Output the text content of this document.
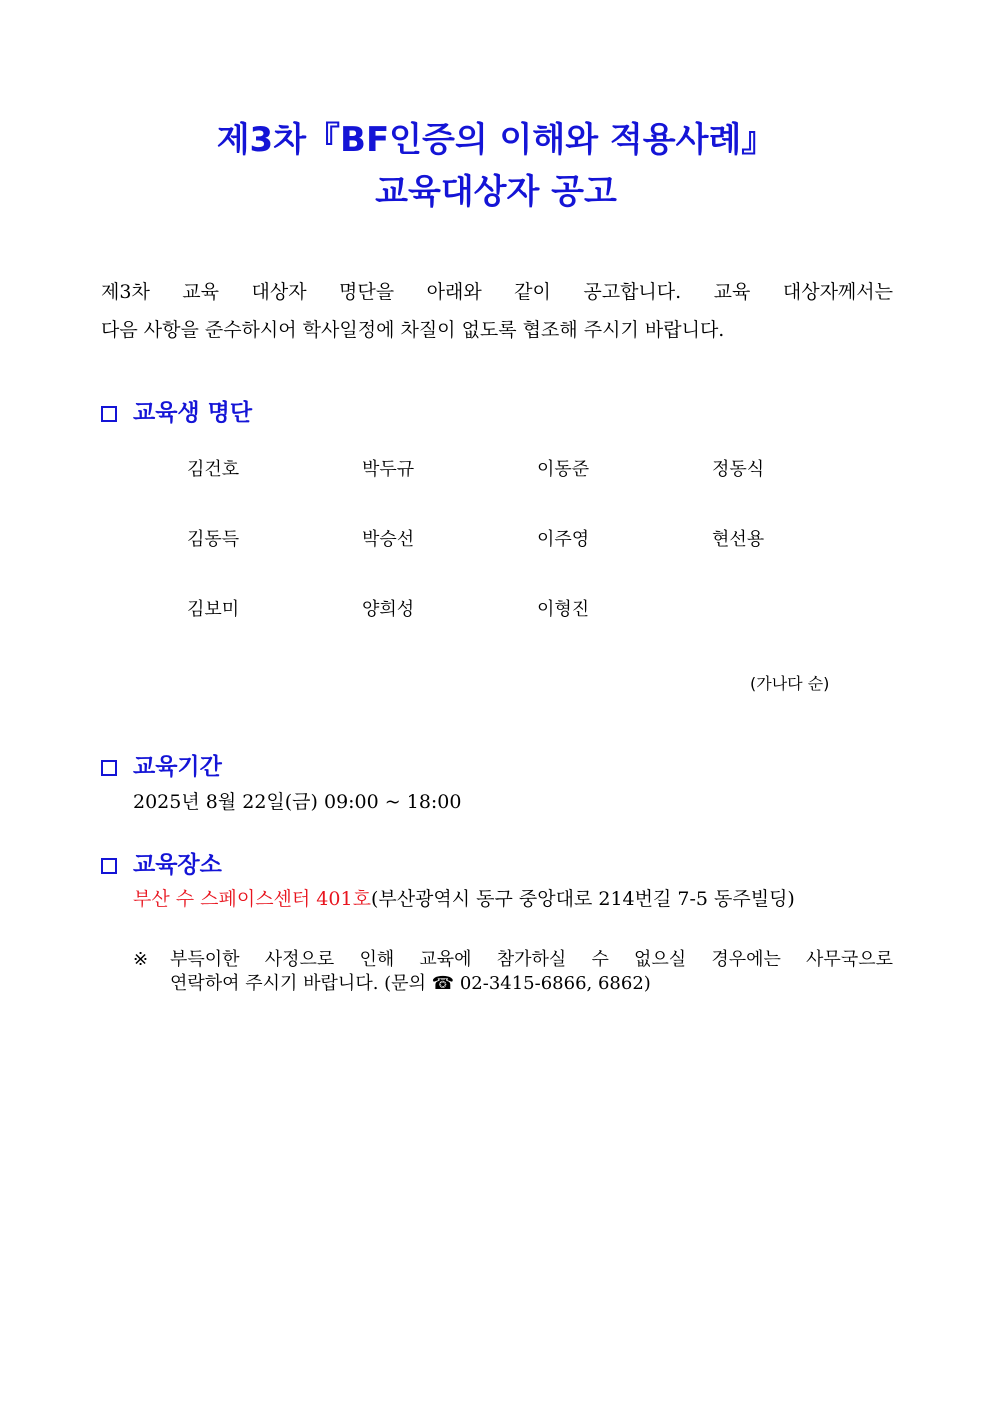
제3차『BF인증의 이해와 적용사례』
교육대상자 공고
제3차 교육 대상자 명단을 아래와 같이 공고합니다. 교육 대상자께서는
다음 사항을 준수하시어 학사일정에 차질이 없도록 협조해 주시기 바랍니다.
교육생 명단
김건호	박두규	이동준	정동식
김동득	박승선	이주영	현선용
김보미	양희성	이형진
(가나다 순)
교육기간
2025년 8월 22일(금) 09:00 ~ 18:00
교육장소
부산 수 스페이스센터 401호(부산광역시 동구 중앙대로 214번길 7-5 동주빌딩)
※	부득이한 사정으로 인해 교육에 참가하실 수 없으실 경우에는 사무국으로
연락하여 주시기 바랍니다. (문의 ☎ 02-3415-6866, 6862)
